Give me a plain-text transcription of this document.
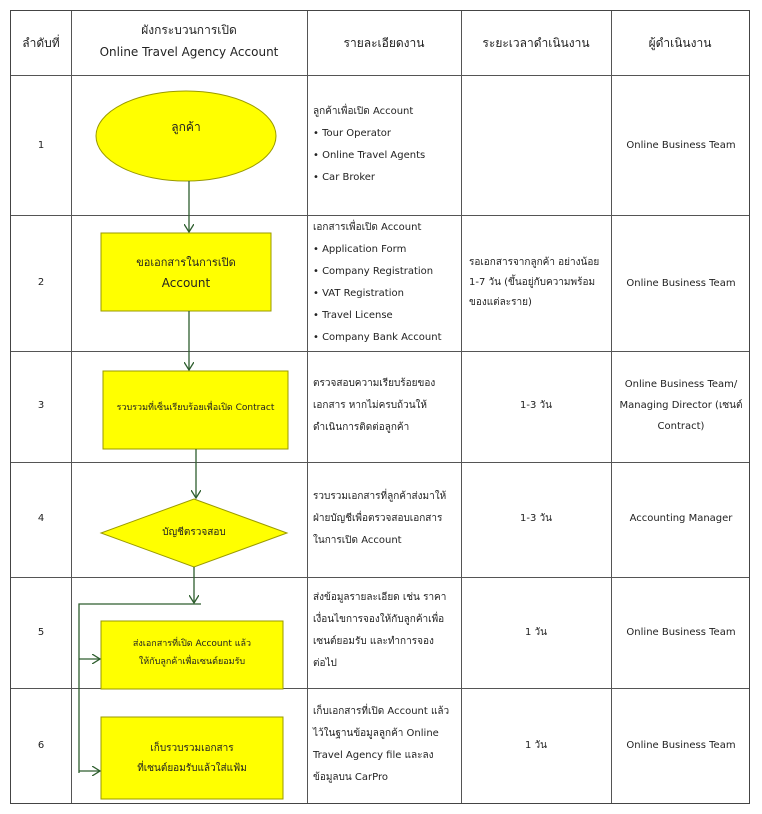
ลำดับที่
ผังกระบวนการเปิด
Online Travel Agency Account
รายละเอียดงาน	ระยะเวลาดำเนินงาน	ผู้ดำเนินงาน
ลูกค้า
ขอเอกสารในการเปิด
Account
รวบรวมที่เซ็นเรียบร้อยเพื่อเปิด Contract
บัญชีตรวจสอบ
ส่งเอกสารที่เปิด Account แล้ว
ให้กับลูกค้าเพื่อเซนต์ยอมรับ
เก็บรวบรวมเอกสาร
ที่เซนต์ยอมรับแล้วใส่แฟ้ม
1
2
3
4
5
6
ลูกค้าเพื่อเปิด Account
• Tour Operator
• Online Travel Agents
• Car Broker
เอกสารเพื่อเปิด Account
• Application Form
• Company Registration
• VAT Registration
• Travel License
• Company Bank Account
ตรวจสอบความเรียบร้อยของ
เอกสาร หากไม่ครบถ้วนให้
ดำเนินการติดต่อลูกค้า
รวบรวมเอกสารที่ลูกค้าส่งมาให้
ฝ่ายบัญชีเพื่อตรวจสอบเอกสาร
ในการเปิด Account
ส่งข้อมูลรายละเอียด เช่น ราคา
เงื่อนไขการจองให้กับลูกค้าเพื่อ
เซนต์ยอมรับ และทำการจอง
ต่อไป
เก็บเอกสารที่เปิด Account แล้ว
ไว้ในฐานข้อมูลลูกค้า Online
Travel Agency file และลง
ข้อมูลบน CarPro
รอเอกสารจากลูกค้า อย่างน้อย
1-7 วัน (ขึ้นอยู่กับความพร้อม
ของแต่ละราย)
1-3 วัน
1-3 วัน
1 วัน
1 วัน
Online Business Team
Online Business Team
Online Business Team/
Managing Director (เซนต์
Contract)
Accounting Manager
Online Business Team
Online Business Team
